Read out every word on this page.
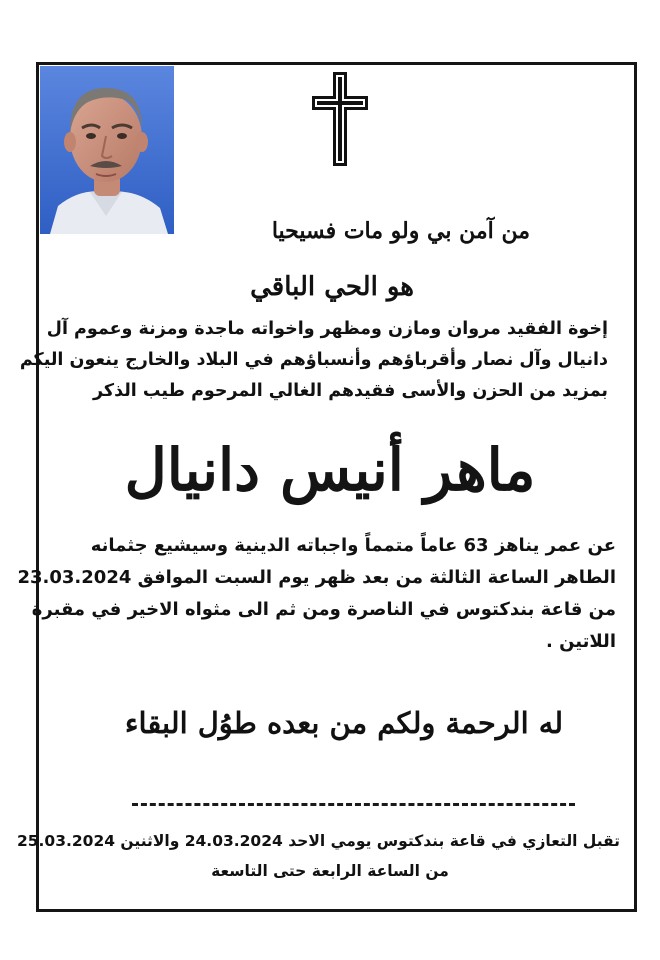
من آمن بي ولو مات فسيحيا
هو الحي الباقي
إخوة الفقيد مروان ومازن ومظهر واخواته ماجدة ومزنة وعموم آل
دانيال وآل نصار وأقرباؤهم وأنسباؤهم في البلاد والخارج ينعون اليكم
بمزيد من الحزن والأسى فقيدهم الغالي المرحوم طيب الذكر
ماهر أنيس دانيال
عن عمر يناهز 63 عاماً متمماً واجباته الدينية وسيشيع جثمانه
الطاهر الساعة الثالثة من بعد ظهر يوم السبت الموافق 23.03.2024
من قاعة بندكتوس في الناصرة ومن ثم الى مثواه الاخير في مقبرة
اللاتين .
له الرحمة ولكم من بعده طوُل البقاء
تقبل التعازي في قاعة بندكتوس يومي الاحد 24.03.2024 والاثنين 25.03.2024
من الساعة الرابعة حتى التاسعة
